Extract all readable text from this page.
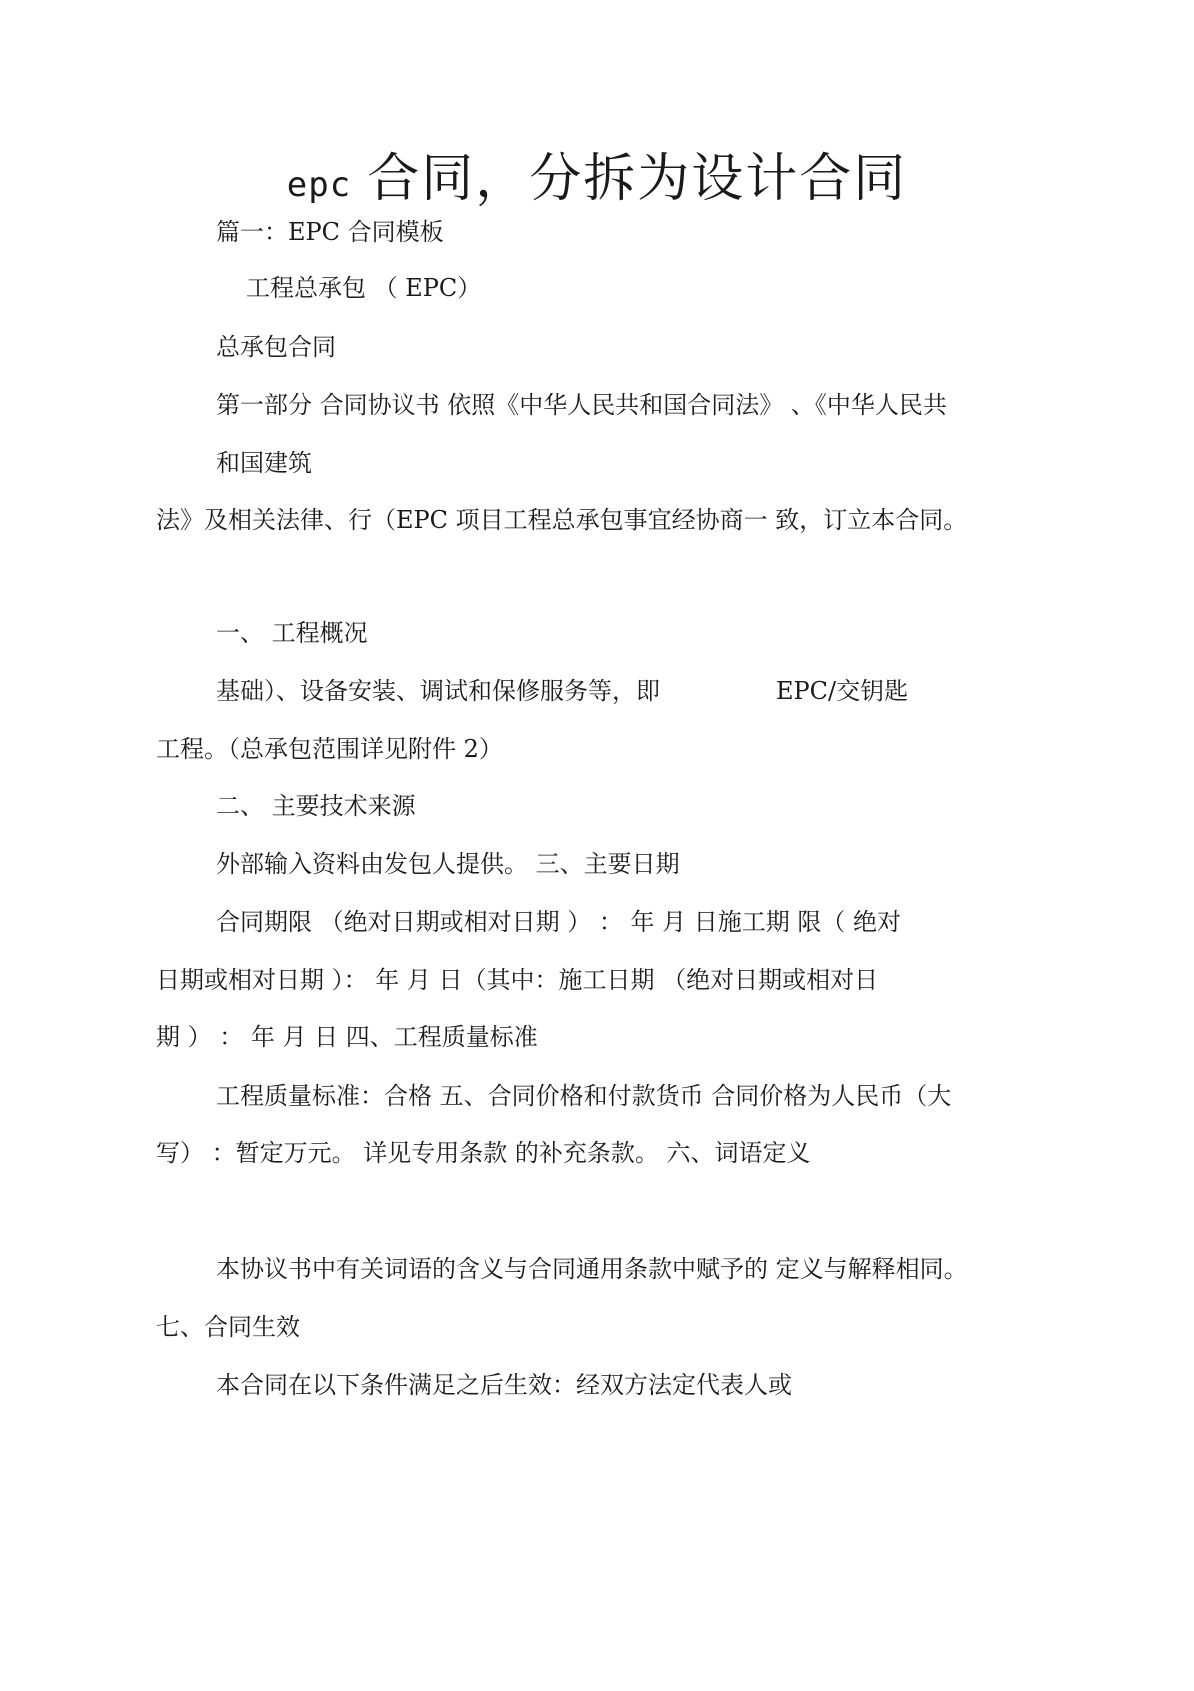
epc 合同，分拆为设计合同
篇一：EPC 合同模板
工程总承包 （ EPC）
总承包合同
第一部分 合同协议书 依照《中华人民共和国合同法》 、《中华人民共
和国建筑
法》及相关法律、行（EPC 项目工程总承包事宜经协商一 致，订立本合同。
一、 工程概况
基础）、设备安装、调试和保修服务等，即	EPC/交钥匙
工程。（总承包范围详见附件 2）
二、 主要技术来源
外部输入资料由发包人提供。 三、主要日期
合同期限 （绝对日期或相对日期 ） ： 年 月 日施工期 限（ 绝对
日期或相对日期 ）： 年 月 日（其中：施工日期 （绝对日期或相对日
期 ） ： 年 月 日 四、工程质量标准
工程质量标准：合格 五、合同价格和付款货币 合同价格为人民币（大
写） ：暂定万元。 详见专用条款 的补充条款。 六、词语定义
本协议书中有关词语的含义与合同通用条款中赋予的 定义与解释相同。
七、合同生效
本合同在以下条件满足之后生效：经双方法定代表人或
